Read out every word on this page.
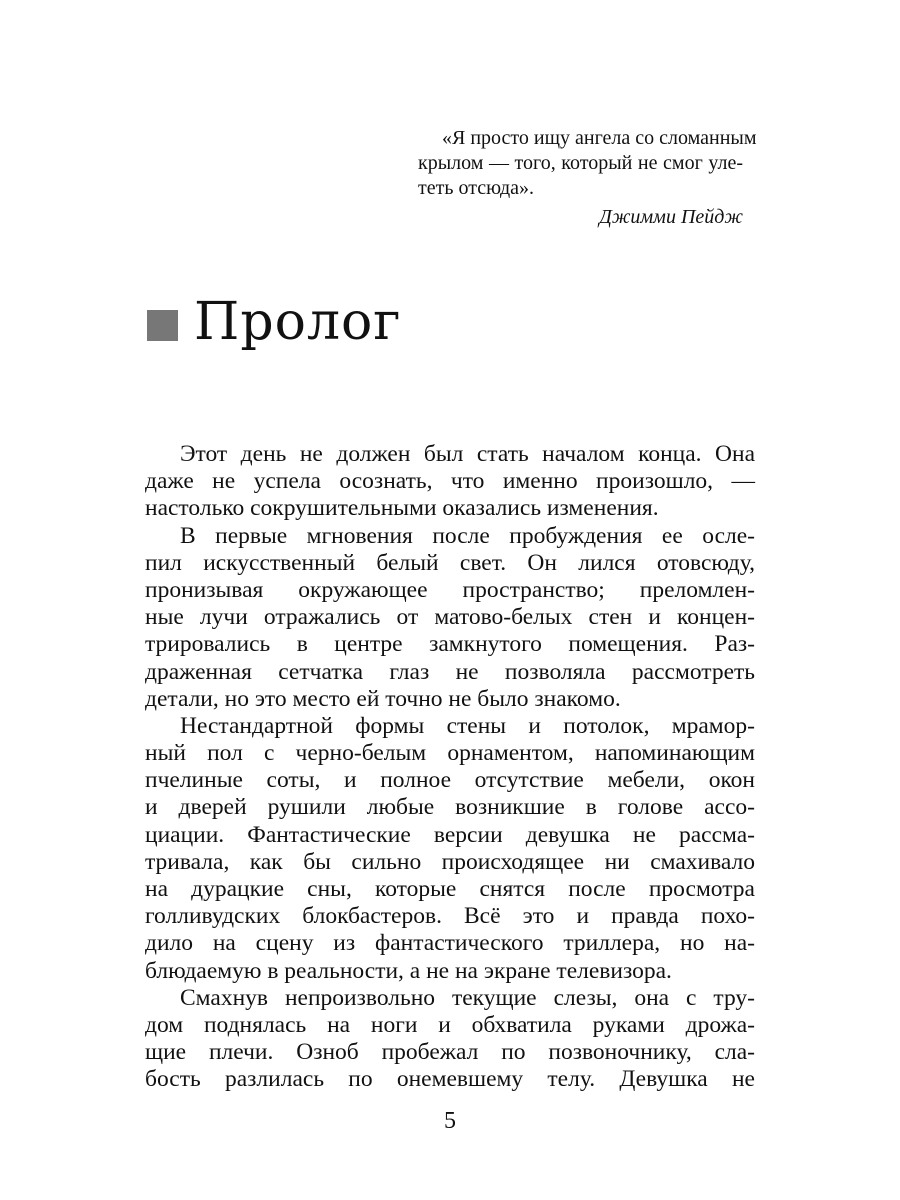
«Я просто ищу ангела со сломанным
крылом — того, который не смог уле-
теть отсюда».
Джимми Пейдж
Пролог
Этот день не должен был стать началом конца. Она
даже не успела осознать, что именно произошло, —
настолько сокрушительными оказались изменения.
В первые мгновения после пробуждения ее осле-
пил искусственный белый свет. Он лился отовсюду,
пронизывая окружающее пространство; преломлен-
ные лучи отражались от матово-белых стен и концен-
трировались в центре замкнутого помещения. Раз-
драженная сетчатка глаз не позволяла рассмотреть
детали, но это место ей точно не было знакомо.
Нестандартной формы стены и потолок, мрамор-
ный пол с черно-белым орнаментом, напоминающим
пчелиные соты, и полное отсутствие мебели, окон
и дверей рушили любые возникшие в голове ассо-
циации. Фантастические версии девушка не рассма-
тривала, как бы сильно происходящее ни смахивало
на дурацкие сны, которые снятся после просмотра
голливудских блокбастеров. Всё это и правда похо-
дило на сцену из фантастического триллера, но на-
блюдаемую в реальности, а не на экране телевизора.
Смахнув непроизвольно текущие слезы, она с тру-
дом поднялась на ноги и обхватила руками дрожа-
щие плечи. Озноб пробежал по позвоночнику, сла-
бость разлилась по онемевшему телу. Девушка не
5
